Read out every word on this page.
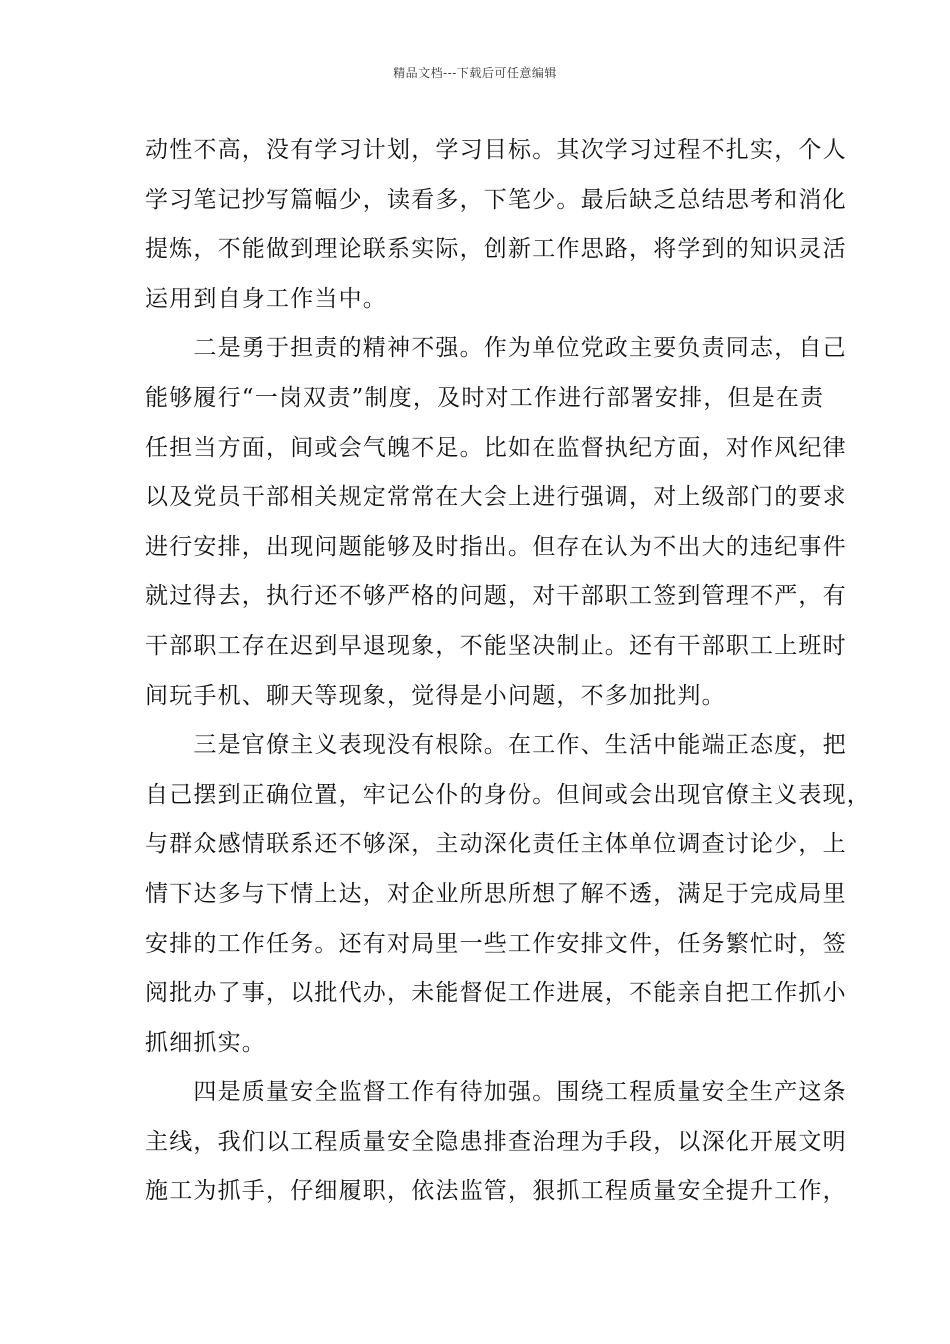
精品文档---下载后可任意编辑
动性不高，没有学习计划，学习目标。其次学习过程不扎实，个人
学习笔记抄写篇幅少，读看多，下笔少。最后缺乏总结思考和消化
提炼，不能做到理论联系实际，创新工作思路，将学到的知识灵活
运用到自身工作当中。
　　二是勇于担责的精神不强。作为单位党政主要负责同志，自己
能够履行“一岗双责”制度，及时对工作进行部署安排，但是在责
任担当方面，间或会气魄不足。比如在监督执纪方面，对作风纪律
以及党员干部相关规定常常在大会上进行强调，对上级部门的要求
进行安排，出现问题能够及时指出。但存在认为不出大的违纪事件
就过得去，执行还不够严格的问题，对干部职工签到管理不严，有
干部职工存在迟到早退现象，不能坚决制止。还有干部职工上班时
间玩手机、聊天等现象，觉得是小问题，不多加批判。
　　三是官僚主义表现没有根除。在工作、生活中能端正态度，把
自己摆到正确位置，牢记公仆的身份。但间或会出现官僚主义表现，
与群众感情联系还不够深，主动深化责任主体单位调查讨论少，上
情下达多与下情上达，对企业所思所想了解不透，满足于完成局里
安排的工作任务。还有对局里一些工作安排文件，任务繁忙时，签
阅批办了事，以批代办，未能督促工作进展，不能亲自把工作抓小
抓细抓实。
　　四是质量安全监督工作有待加强。围绕工程质量安全生产这条
主线，我们以工程质量安全隐患排查治理为手段，以深化开展文明
施工为抓手，仔细履职，依法监管，狠抓工程质量安全提升工作，
